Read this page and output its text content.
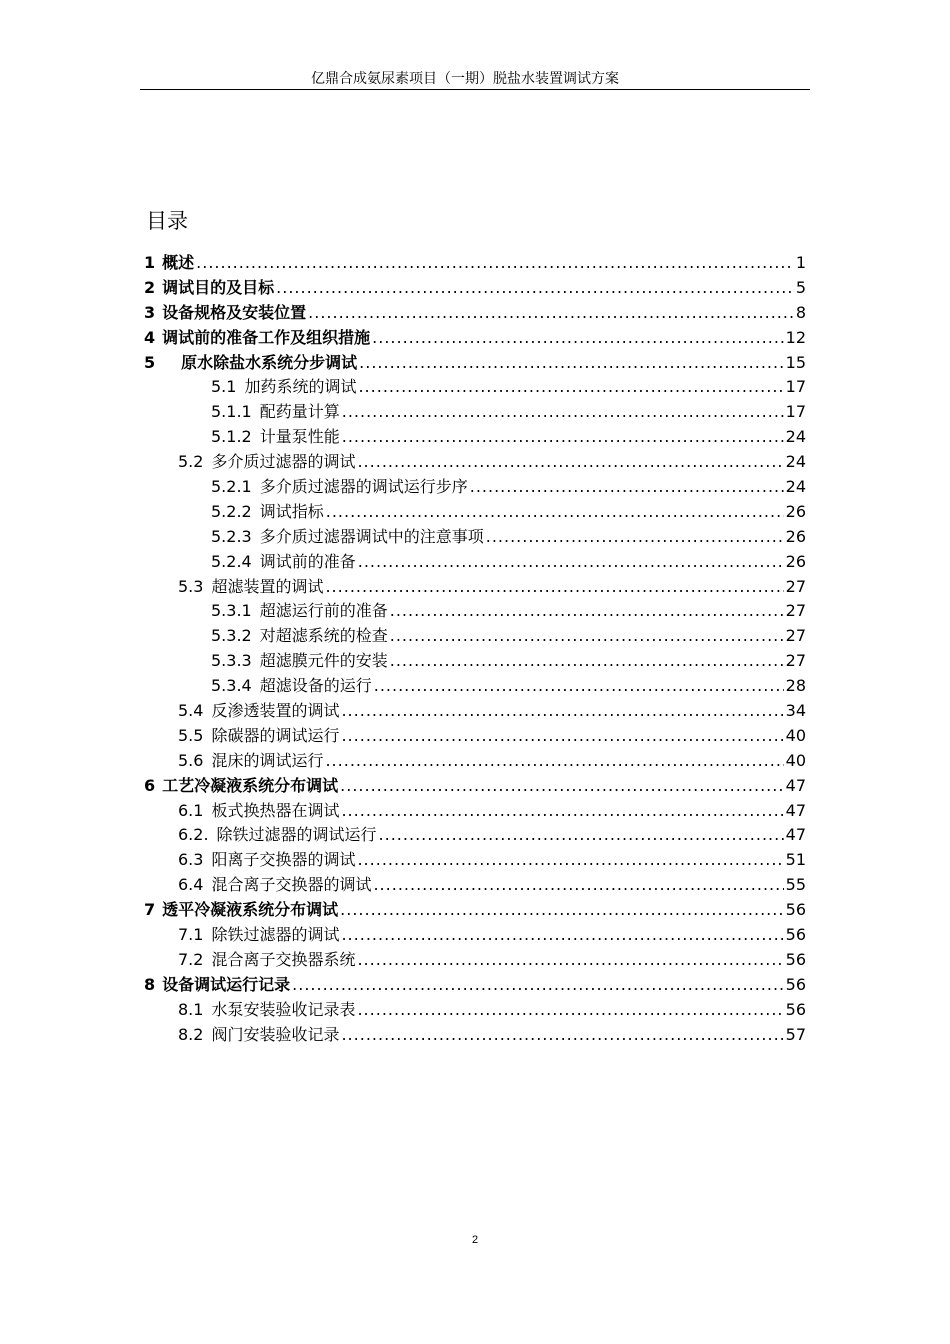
亿鼎合成氨尿素项目（一期）脱盐水装置调试方案
目录
1 概述 .....	1
2 调试目的及目标 .....	5
3 设备规格及安装位置 .....	8
4 调试前的准备工作及组织措施 .....	12
5	原水除盐水系统分步调试 .....	15
5.1 加药系统的调试 .....	17
5.1.1 配药量计算 .....	17
5.1.2 计量泵性能 .....	24
5.2 多介质过滤器的调试 .....	24
5.2.1 多介质过滤器的调试运行步序 .....	24
5.2.2 调试指标 .....	26
5.2.3 多介质过滤器调试中的注意事项 .....	26
5.2.4 调试前的准备 .....	26
5.3 超滤装置的调试 .....	27
5.3.1 超滤运行前的准备 .....	27
5.3.2 对超滤系统的检查 .....	27
5.3.3 超滤膜元件的安装 .....	27
5.3.4 超滤设备的运行 .....	28
5.4 反渗透装置的调试 .....	34
5.5 除碳器的调试运行 .....	40
5.6 混床的调试运行 .....	40
6 工艺冷凝液系统分布调试 .....	47
6.1 板式换热器在调试 .....	47
6.2. 除铁过滤器的调试运行 .....	47
6.3 阳离子交换器的调试 .....	51
6.4 混合离子交换器的调试 .....	55
7 透平冷凝液系统分布调试 .....	56
7.1 除铁过滤器的调试 .....	56
7.2 混合离子交换器系统 .....	56
8 设备调试运行记录 .....	56
8.1 水泵安装验收记录表 .....	56
8.2 阀门安装验收记录 .....	57
2
